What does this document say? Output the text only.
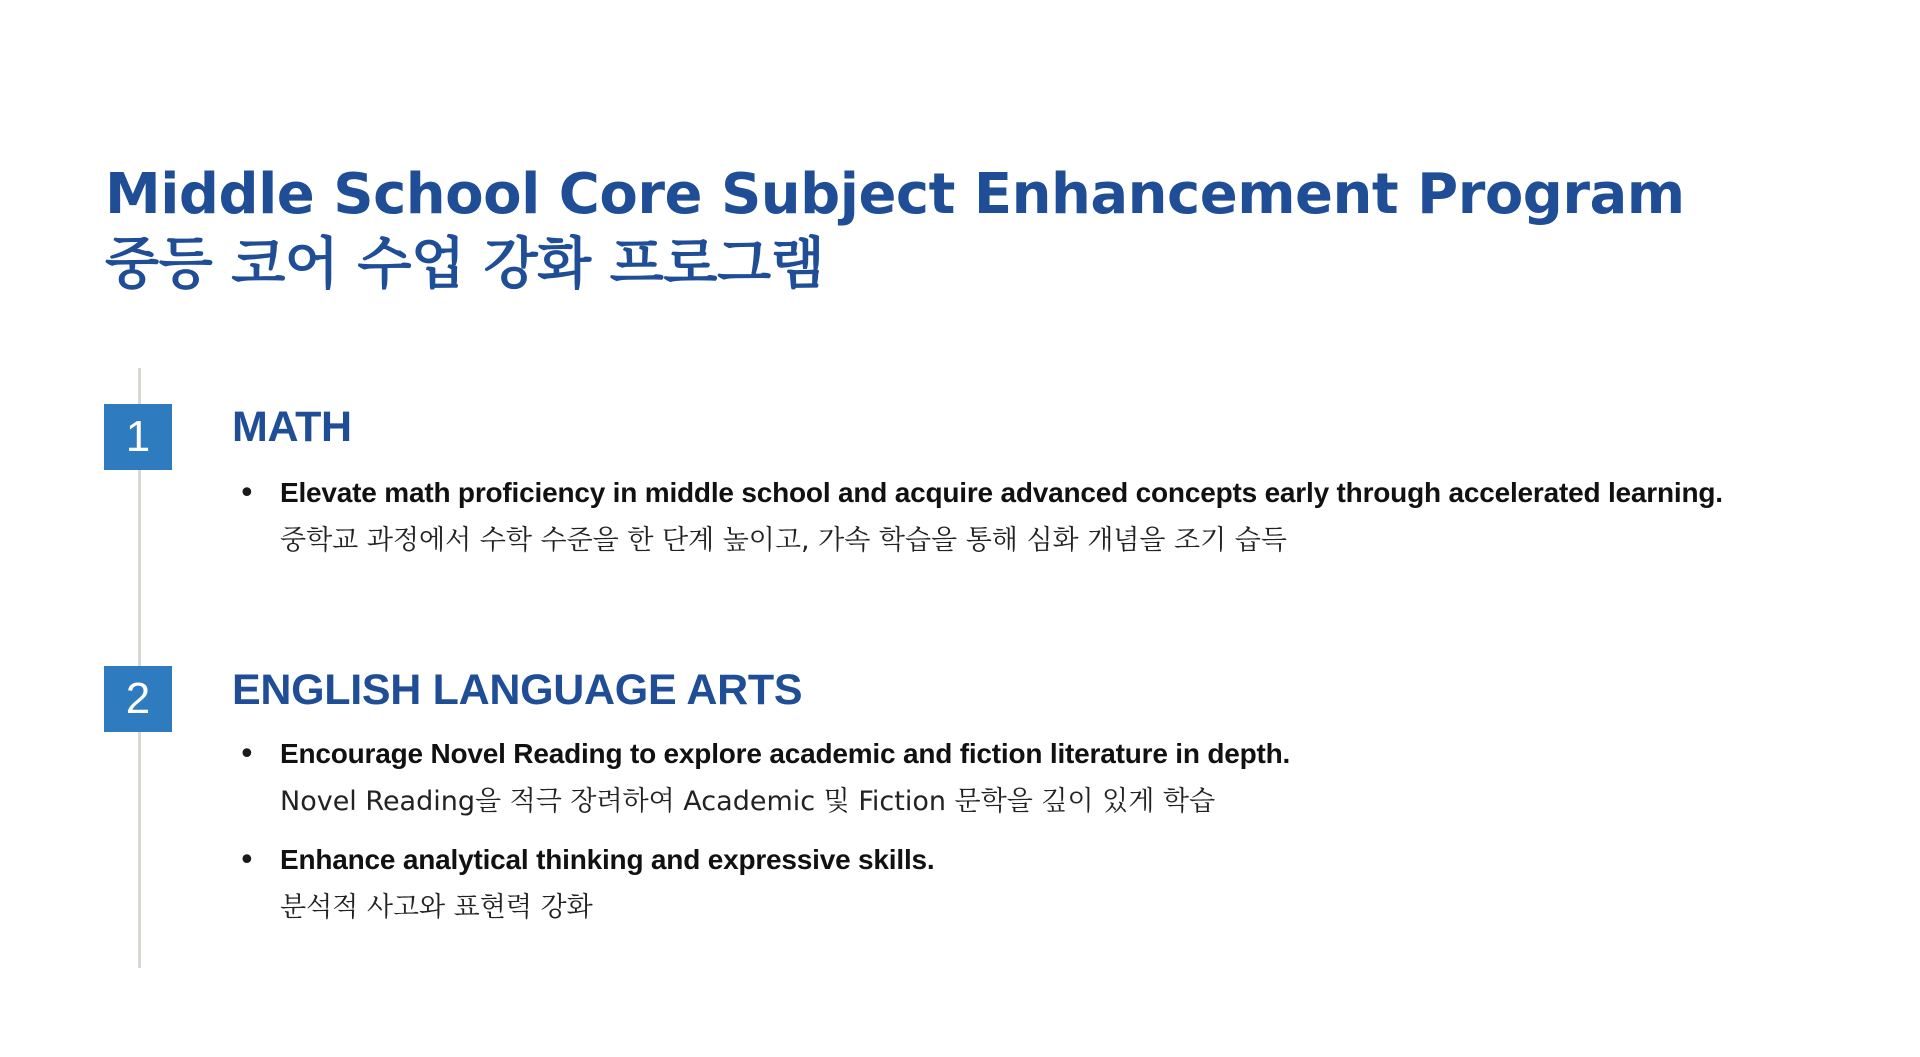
Middle School Core Subject Enhancement Program
중등 코어 수업 강화 프로그램
1	MATH
• Elevate math proficiency in middle school and acquire advanced concepts early through accelerated learning.
중학교 과정에서 수학 수준을 한 단계 높이고, 가속 학습을 통해 심화 개념을 조기 습득
2	ENGLISH LANGUAGE ARTS
• Encourage Novel Reading to explore academic and fiction literature in depth.
Novel Reading을 적극 장려하여 Academic 및 Fiction 문학을 깊이 있게 학습
• Enhance analytical thinking and expressive skills.
분석적 사고와 표현력 강화
